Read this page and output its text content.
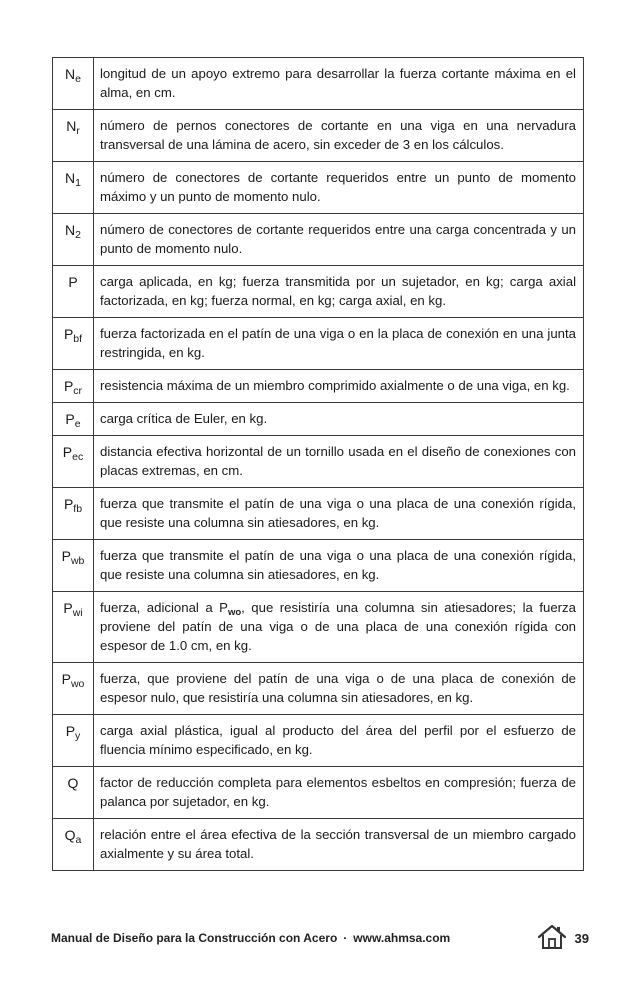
$N_e$	longitud de un apoyo extremo para desarrollar la fuerza cortante máxima en el alma, en cm.
$N_r$	número de pernos conectores de cortante en una viga en una nervadura transversal de una lámina de acero, sin exceder de 3 en los cálculos.
$N_1$	número de conectores de cortante requeridos entre un punto de momento máximo y un punto de momento nulo.
$N_2$	número de conectores de cortante requeridos entre una carga concentrada y un punto de momento nulo.
P	carga aplicada, en kg; fuerza transmitida por un sujetador, en kg; carga axial factorizada, en kg; fuerza normal, en kg; carga axial, en kg.
$P_{bf}$	fuerza factorizada en el patín de una viga o en la placa de conexión en una junta restringida, en kg.
$P_{cr}$	resistencia máxima de un miembro comprimido axialmente o de una viga, en kg.
$P_e$	carga crítica de Euler, en kg.
$P_{ec}$	distancia efectiva horizontal de un tornillo usada en el diseño de conexiones con placas extremas, en cm.
$P_{fb}$	fuerza que transmite el patín de una viga o una placa de una conexión rígida, que resiste una columna sin atiesadores, en kg.
$P_{wb}$	fuerza que transmite el patín de una viga o una placa de una conexión rígida, que resiste una columna sin atiesadores, en kg.
$P_{wi}$	fuerza, adicional a $P_{wo}$, que resistiría una columna sin atiesadores; la fuerza proviene del patín de una viga o de una placa de una conexión rígida con espesor de 1.0 cm, en kg.
$P_{wo}$	fuerza, que proviene del patín de una viga o de una placa de conexión de espesor nulo, que resistiría una columna sin atiesadores, en kg.
$P_y$	carga axial plástica, igual al producto del área del perfil por el esfuerzo de fluencia mínimo especificado, en kg.
Q	factor de reducción completa para elementos esbeltos en compresión; fuerza de palanca por sujetador, en kg.
$Q_a$	relación entre el área efectiva de la sección transversal de un miembro cargado axialmente y su área total.
Manual de Diseño para la Construcción con Acero · www.ahmsa.com	39
